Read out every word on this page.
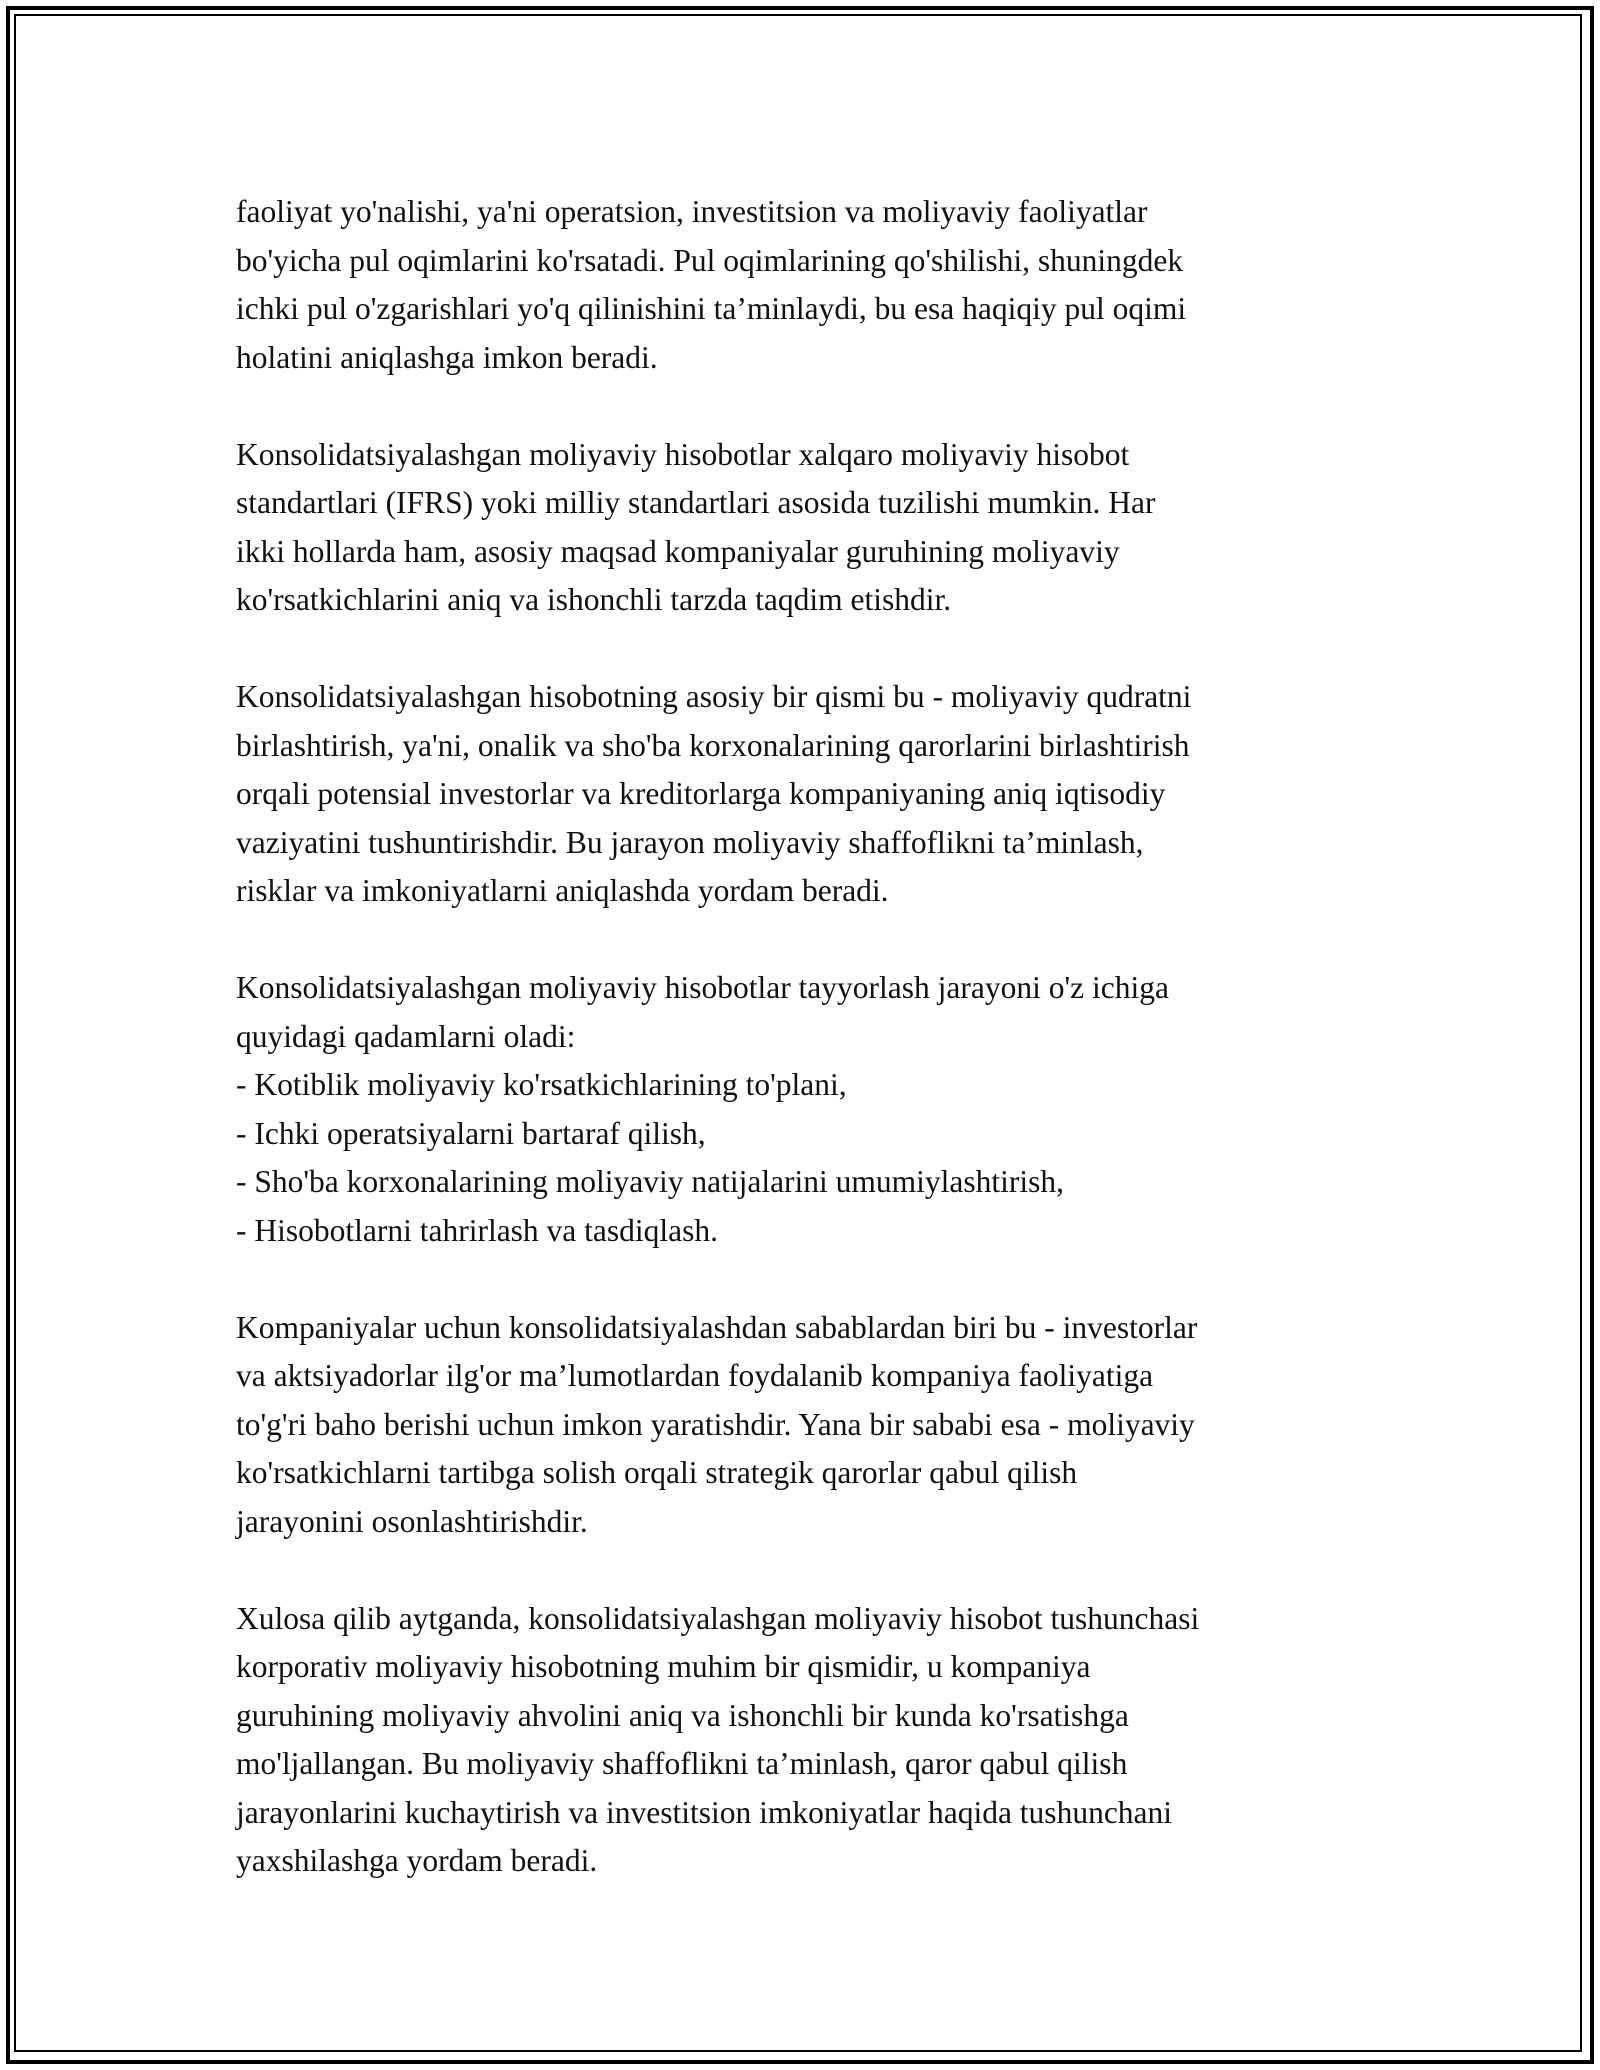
faoliyat yo'nalishi, ya'ni operatsion, investitsion va moliyaviy faoliyatlar
bo'yicha pul oqimlarini ko'rsatadi. Pul oqimlarining qo'shilishi, shuningdek
ichki pul o'zgarishlari yo'q qilinishini ta’minlaydi, bu esa haqiqiy pul oqimi
holatini aniqlashga imkon beradi.

Konsolidatsiyalashgan moliyaviy hisobotlar xalqaro moliyaviy hisobot
standartlari (IFRS) yoki milliy standartlari asosida tuzilishi mumkin. Har
ikki hollarda ham, asosiy maqsad kompaniyalar guruhining moliyaviy
ko'rsatkichlarini aniq va ishonchli tarzda taqdim etishdir.

Konsolidatsiyalashgan hisobotning asosiy bir qismi bu - moliyaviy qudratni
birlashtirish, ya'ni, onalik va sho'ba korxonalarining qarorlarini birlashtirish
orqali potensial investorlar va kreditorlarga kompaniyaning aniq iqtisodiy
vaziyatini tushuntirishdir. Bu jarayon moliyaviy shaffoflikni ta’minlash,
risklar va imkoniyatlarni aniqlashda yordam beradi.

Konsolidatsiyalashgan moliyaviy hisobotlar tayyorlash jarayoni o'z ichiga
quyidagi qadamlarni oladi:
- Kotiblik moliyaviy ko'rsatkichlarining to'plani,
- Ichki operatsiyalarni bartaraf qilish,
- Sho'ba korxonalarining moliyaviy natijalarini umumiylashtirish,
- Hisobotlarni tahrirlash va tasdiqlash.

Kompaniyalar uchun konsolidatsiyalashdan sabablardan biri bu - investorlar
va aktsiyadorlar ilg'or ma’lumotlardan foydalanib kompaniya faoliyatiga
to'g'ri baho berishi uchun imkon yaratishdir. Yana bir sababi esa - moliyaviy
ko'rsatkichlarni tartibga solish orqali strategik qarorlar qabul qilish
jarayonini osonlashtirishdir.

Xulosa qilib aytganda, konsolidatsiyalashgan moliyaviy hisobot tushunchasi
korporativ moliyaviy hisobotning muhim bir qismidir, u kompaniya
guruhining moliyaviy ahvolini aniq va ishonchli bir kunda ko'rsatishga
mo'ljallangan. Bu moliyaviy shaffoflikni ta’minlash, qaror qabul qilish
jarayonlarini kuchaytirish va investitsion imkoniyatlar haqida tushunchani
yaxshilashga yordam beradi.
